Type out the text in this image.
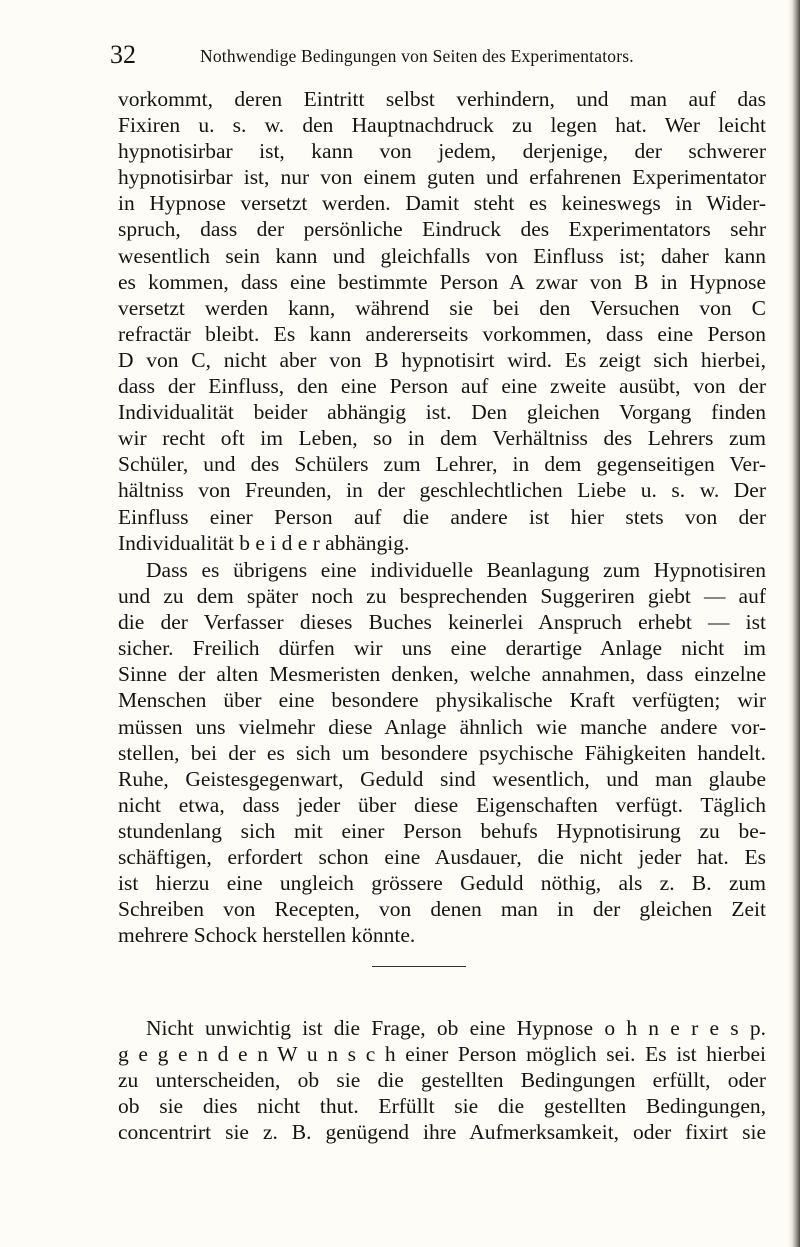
32	Nothwendige Bedingungen von Seiten des Experimentators.
vorkommt, deren Eintritt selbst verhindern, und man auf das
Fixiren u. s. w. den Hauptnachdruck zu legen hat. Wer leicht
hypnotisirbar ist, kann von jedem, derjenige, der schwerer
hypnotisirbar ist, nur von einem guten und erfahrenen Experimentator
in Hypnose versetzt werden. Damit steht es keineswegs in Wider-
spruch, dass der persönliche Eindruck des Experimentators sehr
wesentlich sein kann und gleichfalls von Einfluss ist; daher kann
es kommen, dass eine bestimmte Person A zwar von B in Hypnose
versetzt werden kann, während sie bei den Versuchen von C
refractär bleibt. Es kann andererseits vorkommen, dass eine Person
D von C, nicht aber von B hypnotisirt wird. Es zeigt sich hierbei,
dass der Einfluss, den eine Person auf eine zweite ausübt, von der
Individualität beider abhängig ist. Den gleichen Vorgang finden
wir recht oft im Leben, so in dem Verhältniss des Lehrers zum
Schüler, und des Schülers zum Lehrer, in dem gegenseitigen Ver-
hältniss von Freunden, in der geschlechtlichen Liebe u. s. w. Der
Einfluss einer Person auf die andere ist hier stets von der
Individualität b e i d e r abhängig.
Dass es übrigens eine individuelle Beanlagung zum Hypnotisiren
und zu dem später noch zu besprechenden Suggeriren giebt — auf
die der Verfasser dieses Buches keinerlei Anspruch erhebt — ist
sicher. Freilich dürfen wir uns eine derartige Anlage nicht im
Sinne der alten Mesmeristen denken, welche annahmen, dass einzelne
Menschen über eine besondere physikalische Kraft verfügten; wir
müssen uns vielmehr diese Anlage ähnlich wie manche andere vor-
stellen, bei der es sich um besondere psychische Fähigkeiten handelt.
Ruhe, Geistesgegenwart, Geduld sind wesentlich, und man glaube
nicht etwa, dass jeder über diese Eigenschaften verfügt. Täglich
stundenlang sich mit einer Person behufs Hypnotisirung zu be-
schäftigen, erfordert schon eine Ausdauer, die nicht jeder hat. Es
ist hierzu eine ungleich grössere Geduld nöthig, als z. B. zum
Schreiben von Recepten, von denen man in der gleichen Zeit
mehrere Schock herstellen könnte.
Nicht unwichtig ist die Frage, ob eine Hypnose o h n e r e s p.
g e g e n d e n W u n s c h einer Person möglich sei. Es ist hierbei
zu unterscheiden, ob sie die gestellten Bedingungen erfüllt, oder
ob sie dies nicht thut. Erfüllt sie die gestellten Bedingungen,
concentrirt sie z. B. genügend ihre Aufmerksamkeit, oder fixirt sie
